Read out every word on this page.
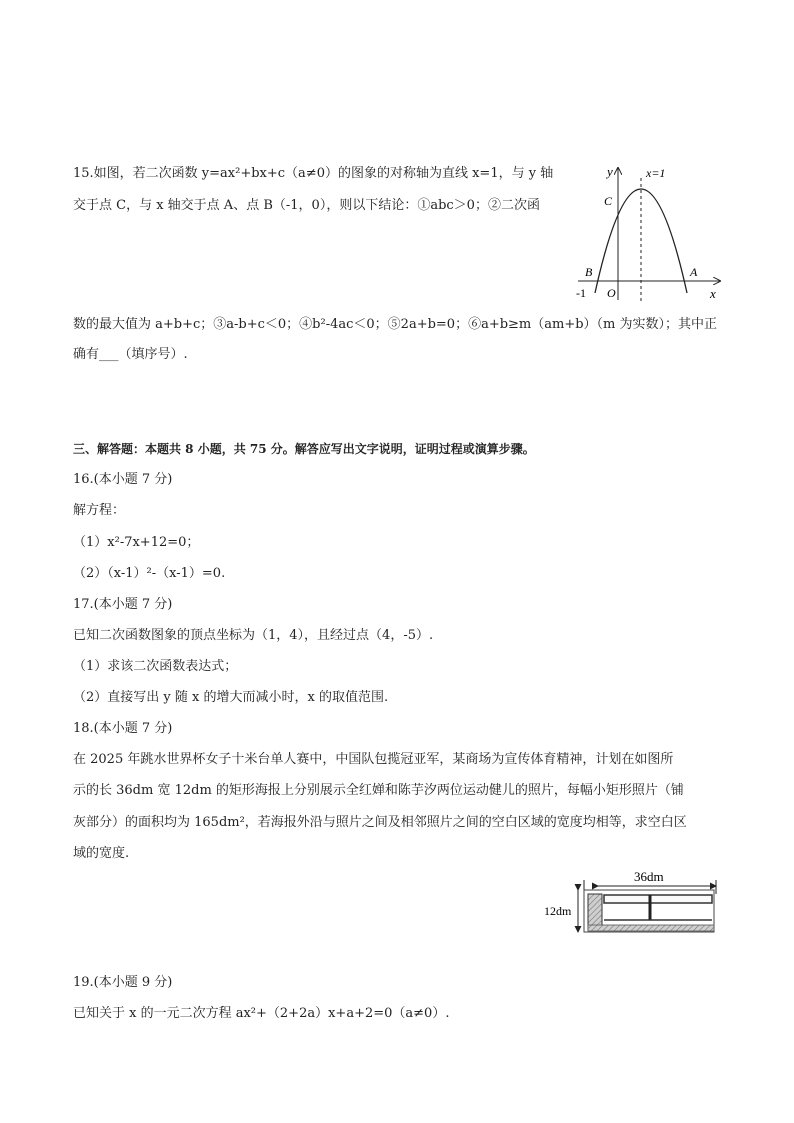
15.如图，若二次函数 y=ax²+bx+c（a≠0）的图象的对称轴为直线 x=1，与 y 轴
交于点 C，与 x 轴交于点 A、点 B（-1，0），则以下结论：①abc＞0；②二次函
y	x=1
C
B	A
-1 O	x
数的最大值为 a+b+c；③a-b+c＜0；④b²-4ac＜0；⑤2a+b=0；⑥a+b≥m（am+b）（m 为实数）；其中正
确有___（填序号）.
三、解答题：本题共 8 小题，共 75 分。解答应写出文字说明，证明过程或演算步骤。
16.(本小题 7 分)
解方程：
（1）x²-7x+12=0；
（2）（x-1）²-（x-1）=0.
17.(本小题 7 分)
已知二次函数图象的顶点坐标为（1，4），且经过点（4，-5）.
（1）求该二次函数表达式；
（2）直接写出 y 随 x 的增大而减小时，x 的取值范围.
18.(本小题 7 分)
在 2025 年跳水世界杯女子十米台单人赛中，中国队包揽冠亚军，某商场为宣传体育精神，计划在如图所
示的长 36dm 宽 12dm 的矩形海报上分别展示全红婵和陈芋汐两位运动健儿的照片，每幅小矩形照片（铺
灰部分）的面积均为 165dm²，若海报外沿与照片之间及相邻照片之间的空白区域的宽度均相等，求空白区
域的宽度.
36dm
12dm
19.(本小题 9 分)
已知关于 x 的一元二次方程 ax²+（2+2a）x+a+2=0（a≠0）.
